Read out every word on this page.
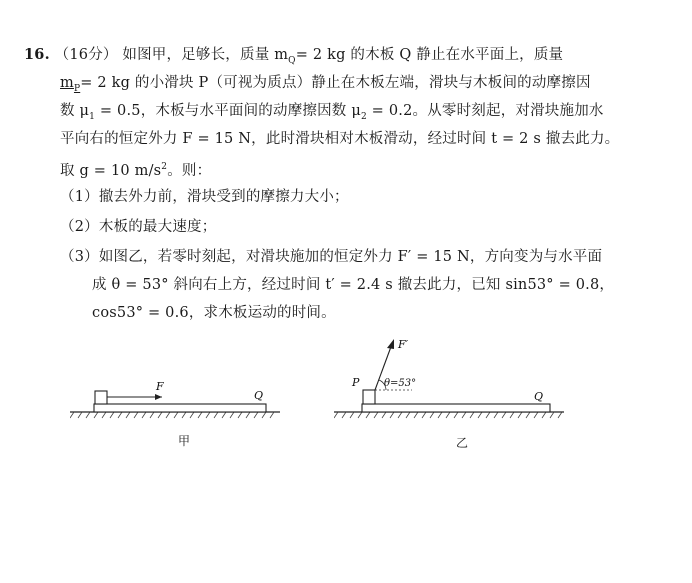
16. （16分） 如图甲，足够长，质量 $m_Q= 2$ kg 的木板 Q 静止在水平面上，质量
$m_P= 2$ kg 的小滑块 P（可视为质点）静止在木板左端，滑块与木板间的动摩擦因
数 $\mu_1 = 0.5$，木板与水平面间的动摩擦因数 $\mu_2 = 0.2$。从零时刻起，对滑块施加水
平向右的恒定外力 F = 15 N，此时滑块相对木板滑动，经过时间 t = 2 s 撤去此力。
取 g = 10 $m/s^2$。则：
（1）撤去外力前，滑块受到的摩擦力大小；
（2）木板的最大速度；
（3）如图乙，若零时刻起，对滑块施加的恒定外力 F′ = 15 N，方向变为与水平面
成 θ = 53° 斜向右上方，经过时间 t′ = 2.4 s 撤去此力，已知 sin53° = 0.8，
cos53° = 0.6，求木板运动的时间。
F
Q
甲
F′
P θ=53°
Q
乙
